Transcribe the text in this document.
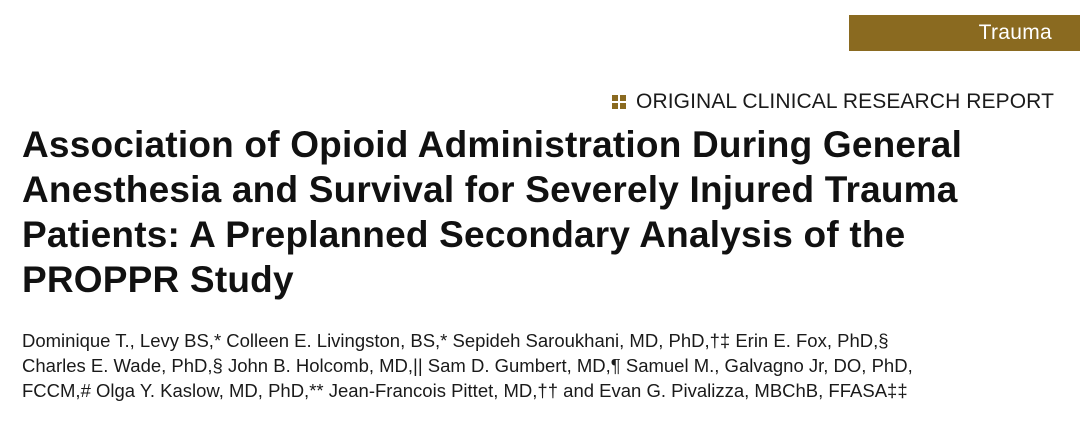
Trauma
ORIGINAL CLINICAL RESEARCH REPORT
Association of Opioid Administration During General
Anesthesia and Survival for Severely Injured Trauma
Patients: A Preplanned Secondary Analysis of the
PROPPR Study
Dominique T., Levy BS,* Colleen E. Livingston, BS,* Sepideh Saroukhani, MD, PhD,†‡ Erin E. Fox, PhD,§
Charles E. Wade, PhD,§ John B. Holcomb, MD,|| Sam D. Gumbert, MD,¶ Samuel M., Galvagno Jr, DO, PhD,
FCCM,# Olga Y. Kaslow, MD, PhD,** Jean-Francois Pittet, MD,†† and Evan G. Pivalizza, MBChB, FFASA‡‡
